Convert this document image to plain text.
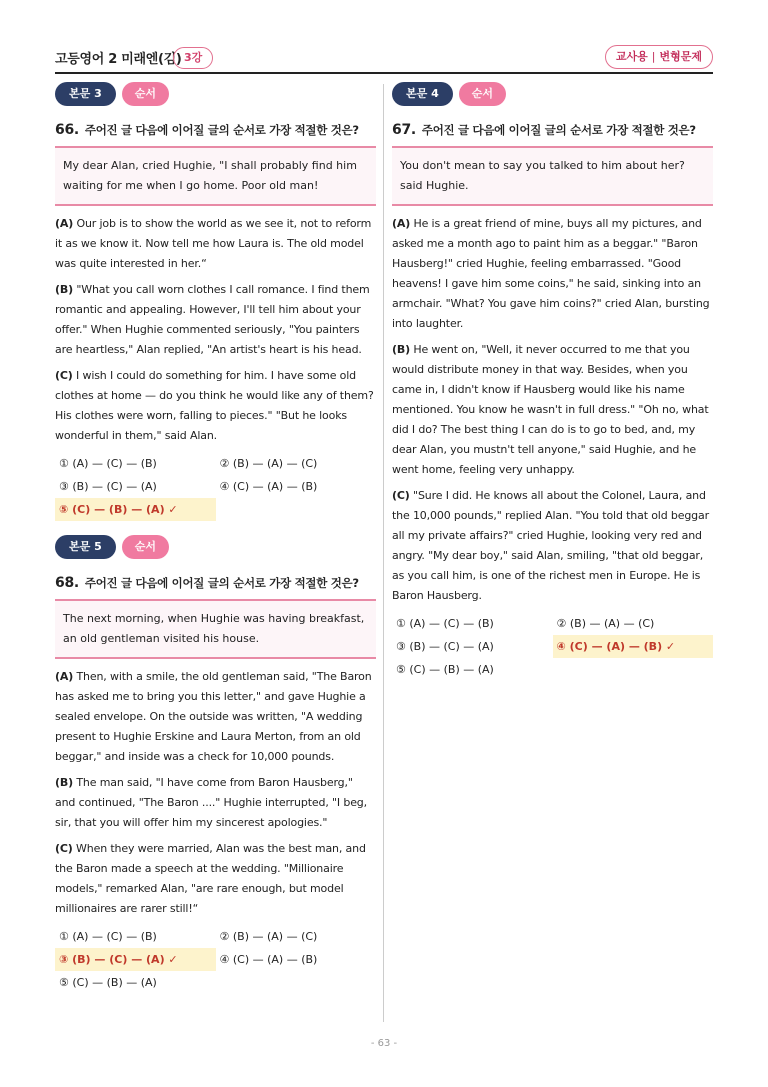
고등영어 2 미래엔(김) 3강	교사용 | 변형문제
본문 3	순서
66. 주어진 글 다음에 이어질 글의 순서로 가장 적절한 것은?
My dear Alan, cried Hughie, "I shall probably find him waiting for me when I go home. Poor old man!
(A) Our job is to show the world as we see it, not to reform it as we know it. Now tell me how Laura is. The old model was quite interested in her.“
(B) "What you call worn clothes I call romance. I find them romantic and appealing. However, I'll tell him about your offer." When Hughie commented seriously, "You painters are heartless," Alan replied, "An artist's heart is his head.
(C) I wish I could do something for him. I have some old clothes at home — do you think he would like any of them? His clothes were worn, falling to pieces." "But he looks wonderful in them," said Alan.
① (A) — (C) — (B)	② (B) — (A) — (C)
③ (B) — (C) — (A)	④ (C) — (A) — (B)
⑤ (C) — (B) — (A) ✓
본문 5	순서
68. 주어진 글 다음에 이어질 글의 순서로 가장 적절한 것은?
The next morning, when Hughie was having breakfast, an old gentleman visited his house.
(A) Then, with a smile, the old gentleman said, "The Baron has asked me to bring you this letter," and gave Hughie a sealed envelope. On the outside was written, "A wedding present to Hughie Erskine and Laura Merton, from an old beggar," and inside was a check for 10,000 pounds.
(B) The man said, "I have come from Baron Hausberg," and continued, "The Baron ...." Hughie interrupted, "I beg, sir, that you will offer him my sincerest apologies."
(C) When they were married, Alan was the best man, and the Baron made a speech at the wedding. "Millionaire models," remarked Alan, "are rare enough, but model millionaires are rarer still!“
① (A) — (C) — (B)	② (B) — (A) — (C)
③ (B) — (C) — (A) ✓	④ (C) — (A) — (B)
⑤ (C) — (B) — (A)
본문 4	순서
67. 주어진 글 다음에 이어질 글의 순서로 가장 적절한 것은?
You don't mean to say you talked to him about her? said Hughie.
(A) He is a great friend of mine, buys all my pictures, and asked me a month ago to paint him as a beggar." "Baron Hausberg!" cried Hughie, feeling embarrassed. "Good heavens! I gave him some coins," he said, sinking into an armchair. "What? You gave him coins?" cried Alan, bursting into laughter.
(B) He went on, "Well, it never occurred to me that you would distribute money in that way. Besides, when you came in, I didn't know if Hausberg would like his name mentioned. You know he wasn't in full dress." "Oh no, what did I do? The best thing I can do is to go to bed, and, my dear Alan, you mustn't tell anyone," said Hughie, and he went home, feeling very unhappy.
(C) "Sure I did. He knows all about the Colonel, Laura, and the 10,000 pounds," replied Alan. "You told that old beggar all my private affairs?" cried Hughie, looking very red and angry. "My dear boy," said Alan, smiling, "that old beggar, as you call him, is one of the richest men in Europe. He is Baron Hausberg.
① (A) — (C) — (B)	② (B) — (A) — (C)
③ (B) — (C) — (A)	④ (C) — (A) — (B) ✓
⑤ (C) — (B) — (A)
- 63 -
